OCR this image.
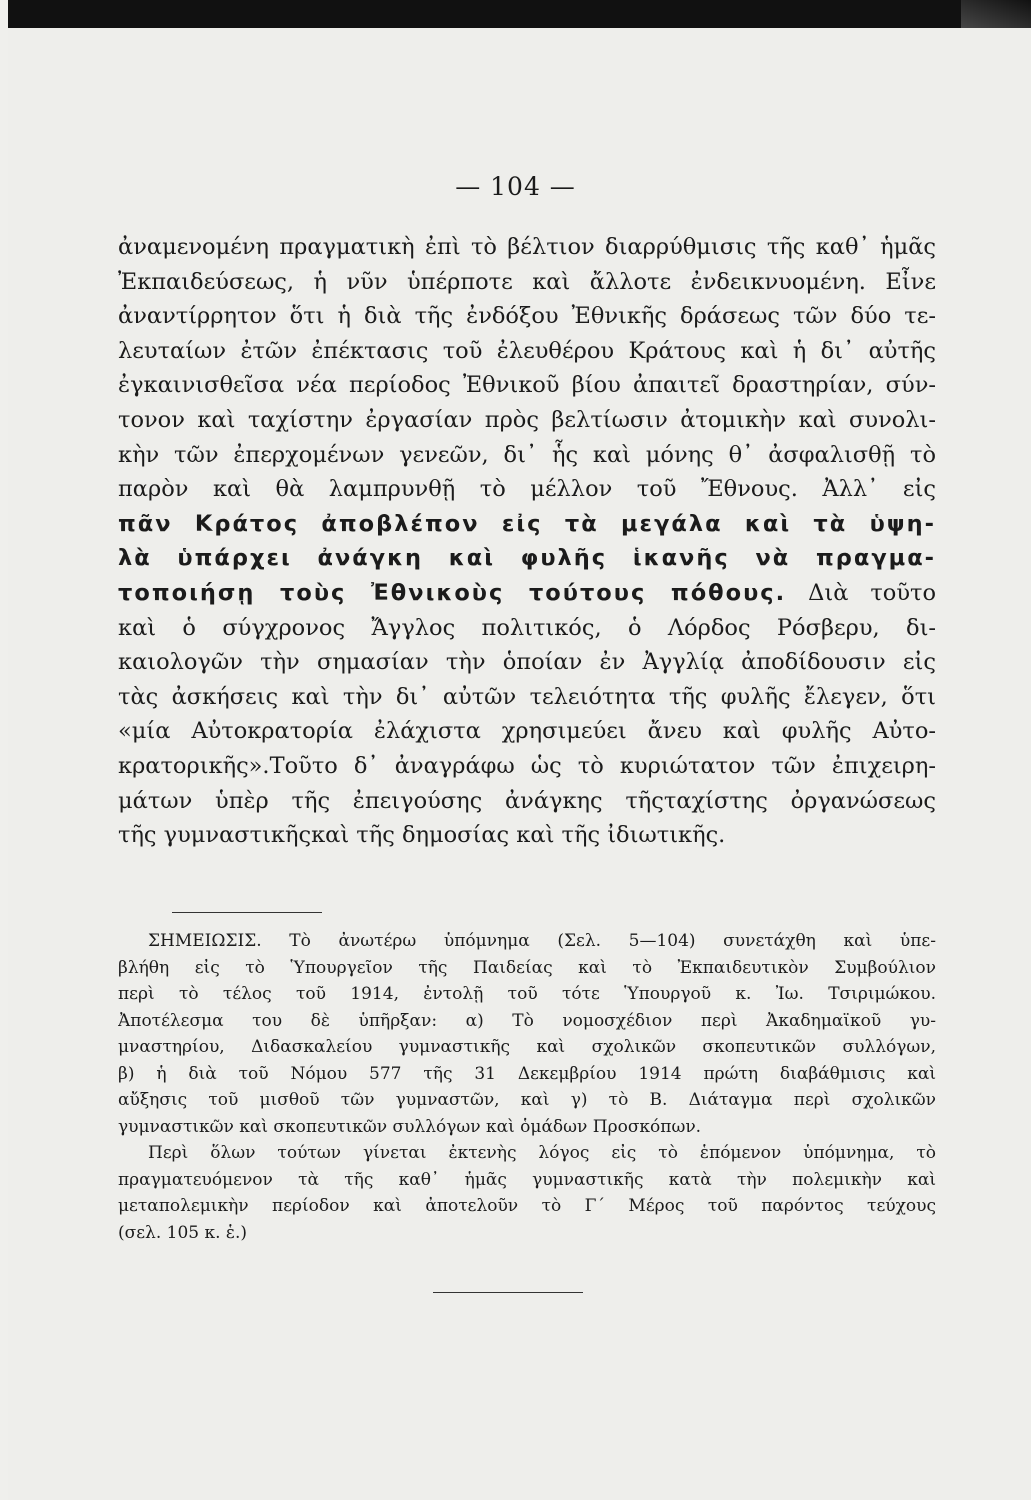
— 104 —
ἀναμενομένη πραγματικὴ ἐπὶ τὸ βέλτιον διαρρύθμισις τῆς καθ᾿ ἡμᾶς
Ἐκπαιδεύσεως, ἡ νῦν ὑπέρποτε καὶ ἄλλοτε ἐνδεικνυομένη. Εἶνε
ἀναντίρρητον ὅτι ἡ διὰ τῆς ἐνδόξου Ἐθνικῆς δράσεως τῶν δύο τε-
λευταίων ἐτῶν ἐπέκτασις τοῦ ἐλευθέρου Κράτους καὶ ἡ δι᾿ αὐτῆς
ἐγκαινισθεῖσα νέα περίοδος Ἐθνικοῦ βίου ἀπαιτεῖ δραστηρίαν, σύν-
τονον καὶ ταχίστην ἐργασίαν πρὸς βελτίωσιν ἀτομικὴν καὶ συνολι-
κὴν τῶν ἐπερχομένων γενεῶν, δι᾿ ἧς καὶ μόνης θ᾿ ἀσφαλισθῇ τὸ
παρὸν καὶ θὰ λαμπρυνθῇ τὸ μέλλον τοῦ Ἔθνους. Ἀλλ᾿ εἰς
πᾶν Κράτος ἀποβλέπον εἰς τὰ μεγάλα καὶ τὰ ὑψη-
λὰ ὑπάρχει ἀνάγκη καὶ φυλῆς ἱκανῆς νὰ πραγμα-
τοποιήσῃ τοὺς Ἐθνικοὺς τούτους πόθους. Διὰ τοῦτο
καὶ ὁ σύγχρονος Ἄγγλος πολιτικός, ὁ Λόρδος Ρόσβερυ, δι-
καιολογῶν τὴν σημασίαν τὴν ὁποίαν ἐν Ἀγγλίᾳ ἀποδίδουσιν εἰς
τὰς ἀσκήσεις καὶ τὴν δι᾿ αὐτῶν τελειότητα τῆς φυλῆς ἔλεγεν, ὅτι
«μία Αὐτοκρατορία ἐλάχιστα χρησιμεύει ἄνευ καὶ φυλῆς Αὐτο-
κρατορικῆς».Τοῦτο δ᾿ ἀναγράφω ὡς τὸ κυριώτατον τῶν ἐπιχειρη-
μάτων ὑπὲρ τῆς ἐπειγούσης ἀνάγκης τῆςταχίστης ὀργανώσεως
τῆς γυμναστικῆςκαὶ τῆς δημοσίας καὶ τῆς ἰδιωτικῆς.
ΣΗΜΕΙΩΣΙΣ. Τὸ ἀνωτέρω ὑπόμνημα (Σελ. 5—104) συνετάχθη καὶ ὑπε-
βλήθη εἰς τὸ Ὑπουργεῖον τῆς Παιδείας καὶ τὸ Ἐκπαιδευτικὸν Συμβούλιον
περὶ τὸ τέλος τοῦ 1914, ἐντολῇ τοῦ τότε Ὑπουργοῦ κ. Ἰω. Τσιριμώκου.
Ἀποτέλεσμα του δὲ ὑπῆρξαν: α) Τὸ νομοσχέδιον περὶ Ἀκαδημαϊκοῦ γυ-
μναστηρίου, Διδασκαλείου γυμναστικῆς καὶ σχολικῶν σκοπευτικῶν συλλόγων,
β) ἡ διὰ τοῦ Νόμου 577 τῆς 31 Δεκεμβρίου 1914 πρώτη διαβάθμισις καὶ
αὔξησις τοῦ μισθοῦ τῶν γυμναστῶν, καὶ γ) τὸ Β. Διάταγμα περὶ σχολικῶν
γυμναστικῶν καὶ σκοπευτικῶν συλλόγων καὶ ὁμάδων Προσκόπων.
Περὶ ὅλων τούτων γίνεται ἐκτενὴς λόγος εἰς τὸ ἑπόμενον ὑπόμνημα, τὸ
πραγματευόμενον τὰ τῆς καθ᾿ ἡμᾶς γυμναστικῆς κατὰ τὴν πολεμικὴν καὶ
μεταπολεμικὴν περίοδον καὶ ἀποτελοῦν τὸ Γ´ Μέρος τοῦ παρόντος τεύχους
(σελ. 105 κ. ἑ.)
